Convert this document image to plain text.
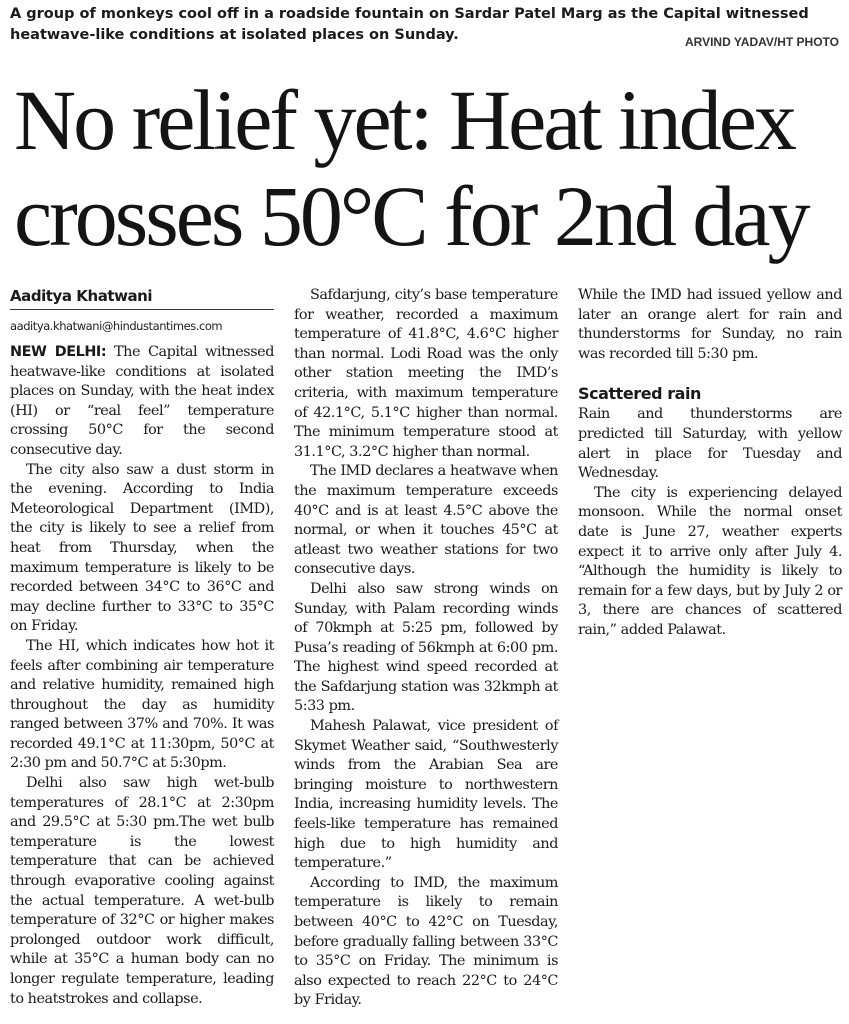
A group of monkeys cool off in a roadside fountain on Sardar Patel Marg as the Capital witnessed

heatwave-like conditions at isolated places on Sunday.	ARVIND YADAV/HT PHOTO
No relief yet: Heat index
crosses 50°C for 2nd day
Aaditya Khatwani
aaditya.khatwani@hindustantimes.com

NEW DELHI: The Capital witnessed heatwave-like conditions at isolated places on Sunday, with the heat index (HI) or “real feel” temperature crossing 50°C for the second consecutive day.

The city also saw a dust storm in the evening. According to India Meteorological Department (IMD), the city is likely to see a relief from heat from Thursday, when the maximum temperature is likely to be recorded between 34°C to 36°C and may decline further to 33°C to 35°C on Friday.

The HI, which indicates how hot it feels after combining air temperature and relative humidity, remained high throughout the day as humidity ranged between 37% and 70%. It was recorded 49.1°C at 11:30pm, 50°C at 2:30 pm and 50.7°C at 5:30pm.

Delhi also saw high wet-bulb temperatures of 28.1°C at 2:30pm and 29.5°C at 5:30 pm.The wet bulb temperature is the lowest temperature that can be achieved through evaporative cooling against the actual temperature. A wet-bulb temperature of 32°C or higher makes prolonged outdoor work difficult, while at 35°C a human body can no longer regulate temperature, leading to heatstrokes and collapse.

Safdarjung, city’s base temperature for weather, recorded a maximum temperature of 41.8°C, 4.6°C higher than normal. Lodi Road was the only other station meeting the IMD’s criteria, with maximum temperature of 42.1°C, 5.1°C higher than normal. The minimum temperature stood at 31.1°C, 3.2°C higher than normal.

The IMD declares a heatwave when the maximum temperature exceeds 40°C and is at least 4.5°C above the normal, or when it touches 45°C at atleast two weather stations for two consecutive days.

Delhi also saw strong winds on Sunday, with Palam recording winds of 70kmph at 5:25 pm, followed by Pusa’s reading of 56kmph at 6:00 pm. The highest wind speed recorded at the Safdarjung station was 32kmph at 5:33 pm.

Mahesh Palawat, vice president of Skymet Weather said, “Southwesterly winds from the Arabian Sea are bringing moisture to northwestern India, increasing humidity levels. The feels-like temperature has remained high due to high humidity and temperature.”

According to IMD, the maximum temperature is likely to remain between 40°C to 42°C on Tuesday, before gradually falling between 33°C to 35°C on Friday. The minimum is also expected to reach 22°C to 24°C by Friday.

While the IMD had issued yellow and later an orange alert for rain and thunderstorms for Sunday, no rain was recorded till 5:30 pm.

Scattered rain

Rain and thunderstorms are predicted till Saturday, with yellow alert in place for Tuesday and Wednesday.

The city is experiencing delayed monsoon. While the normal onset date is June 27, weather experts expect it to arrive only after July 4. “Although the humidity is likely to remain for a few days, but by July 2 or 3, there are chances of scattered rain,” added Palawat.
